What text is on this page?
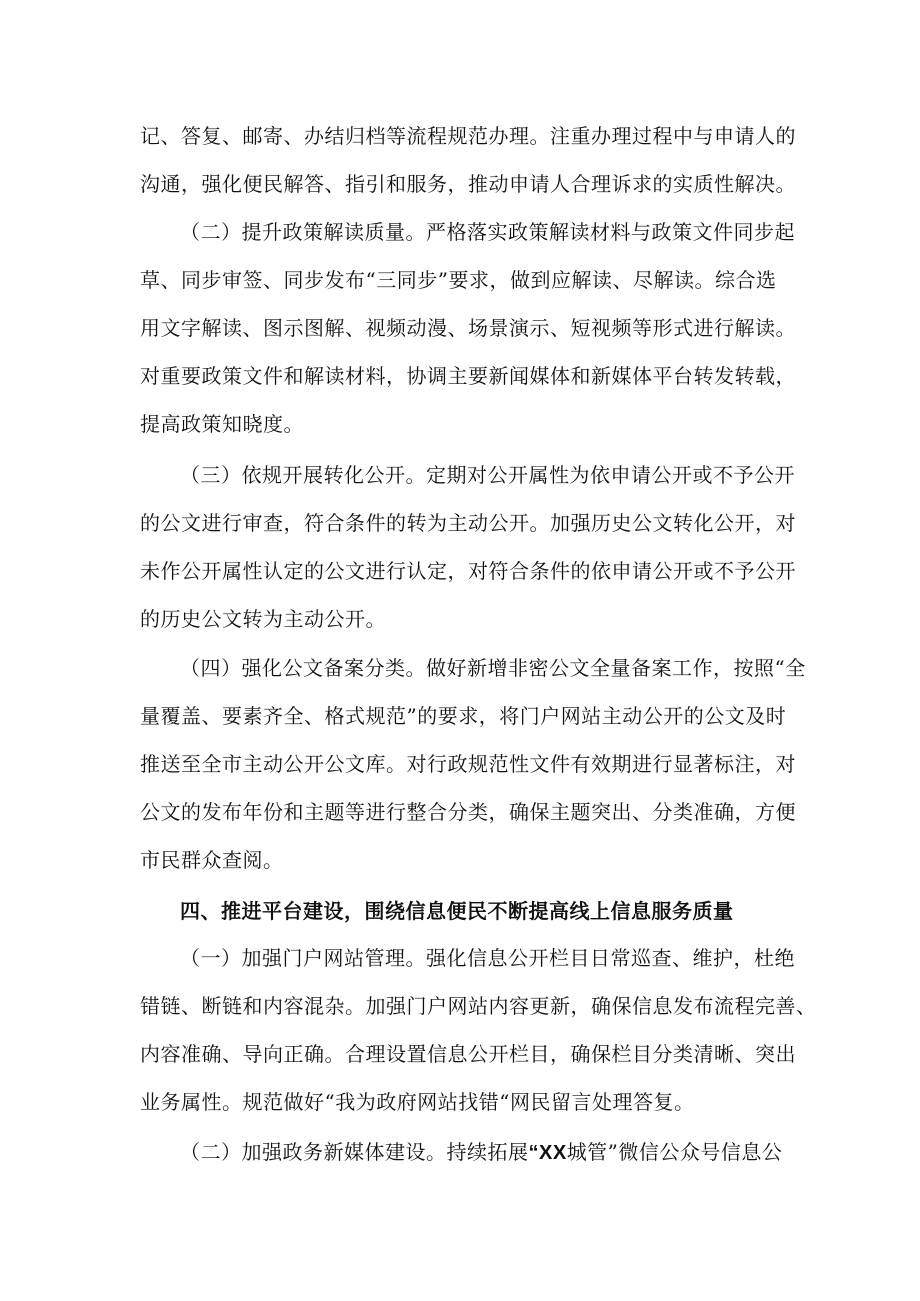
记、答复、邮寄、办结归档等流程规范办理。注重办理过程中与申请人的
沟通，强化便民解答、指引和服务，推动申请人合理诉求的实质性解决。
（二）提升政策解读质量。严格落实政策解读材料与政策文件同步起
草、同步审签、同步发布“三同步”要求，做到应解读、尽解读。综合选
用文字解读、图示图解、视频动漫、场景演示、短视频等形式进行解读。
对重要政策文件和解读材料，协调主要新闻媒体和新媒体平台转发转载，
提高政策知晓度。
（三）依规开展转化公开。定期对公开属性为依申请公开或不予公开
的公文进行审查，符合条件的转为主动公开。加强历史公文转化公开，对
未作公开属性认定的公文进行认定，对符合条件的依申请公开或不予公开
的历史公文转为主动公开。
（四）强化公文备案分类。做好新增非密公文全量备案工作，按照“全
量覆盖、要素齐全、格式规范”的要求，将门户网站主动公开的公文及时
推送至全市主动公开公文库。对行政规范性文件有效期进行显著标注，对
公文的发布年份和主题等进行整合分类，确保主题突出、分类准确，方便
市民群众查阅。
四、推进平台建设，围绕信息便民不断提高线上信息服务质量
（一）加强门户网站管理。强化信息公开栏目日常巡查、维护，杜绝
错链、断链和内容混杂。加强门户网站内容更新，确保信息发布流程完善、
内容准确、导向正确。合理设置信息公开栏目，确保栏目分类清晰、突出
业务属性。规范做好“我为政府网站找错“网民留言处理答复。
（二）加强政务新媒体建设。持续拓展“XX城管”微信公众号信息公
